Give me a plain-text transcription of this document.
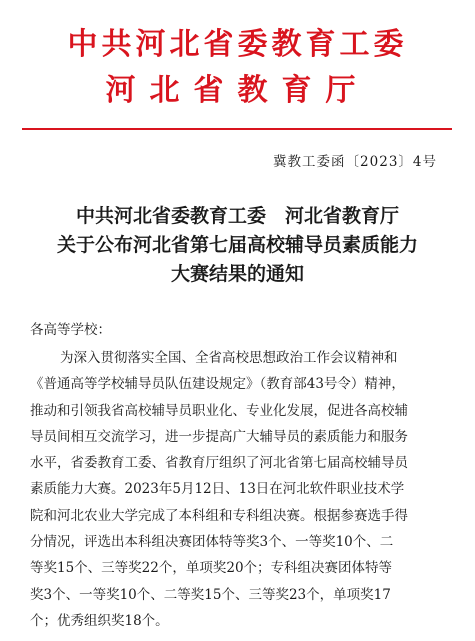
中共河北省委教育工委
河北省教育厅
冀教工委函〔2023〕4号
中共河北省委教育工委　河北省教育厅
关于公布河北省第七届高校辅导员素质能力
大赛结果的通知
各高等学校：
为深入贯彻落实全国、全省高校思想政治工作会议精神和
《普通高等学校辅导员队伍建设规定》（教育部43号令）精神，
推动和引领我省高校辅导员职业化、专业化发展，促进各高校辅
导员间相互交流学习，进一步提高广大辅导员的素质能力和服务
水平，省委教育工委、省教育厅组织了河北省第七届高校辅导员
素质能力大赛。2023年5月12日、13日在河北软件职业技术学
院和河北农业大学完成了本科组和专科组决赛。根据参赛选手得
分情况，评选出本科组决赛团体特等奖3个、一等奖10个、二
等奖15个、三等奖22个，单项奖20个；专科组决赛团体特等
奖3个、一等奖10个、二等奖15个、三等奖23个，单项奖17
个；优秀组织奖18个。
